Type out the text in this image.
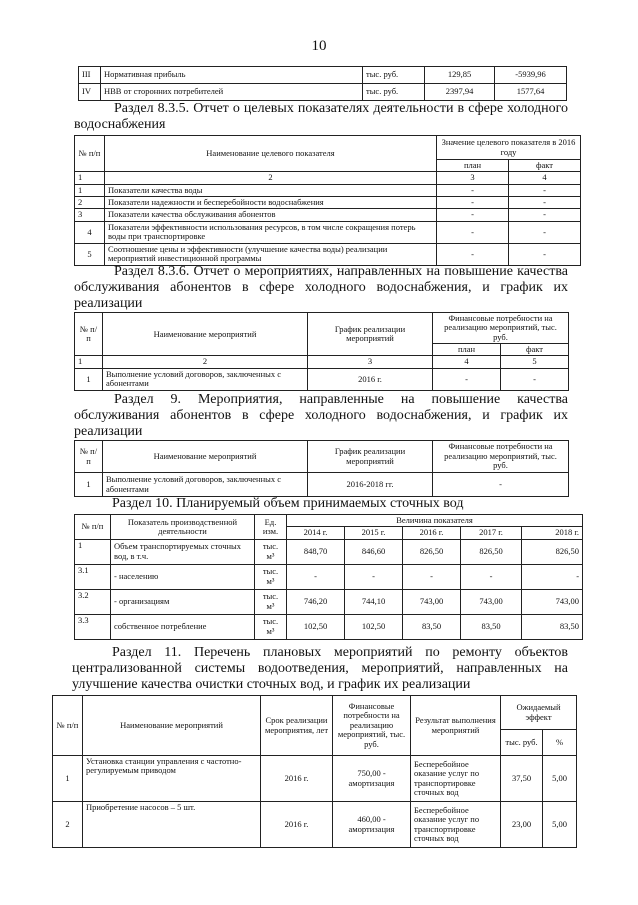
10
III	Нормативная прибыль	тыс. руб.	129,85	-5939,96
IV	НВВ от сторонних потребителей	тыс. руб.	2397,94	1577,64
Раздел 8.3.5. Отчет о целевых показателях деятельности в сфере холодного водоснабжения
№ п/п	Наименование целевого показателя	Значение целевого показателя в 2016 году	
		план	факт
1	2	3	4
1	Показатели качества воды	-	-
2	Показатели надежности и бесперебойности водоснабжения	-	-
3	Показатели качества обслуживания абонентов	-	-
4	Показатели эффективности использования ресурсов, в том числе сокращения потерь воды при транспортировке	-	-
5	Соотношение цены и эффективности (улучшение качества воды) реализации мероприятий инвестиционной программы	-	-
Раздел 8.3.6. Отчет о мероприятиях, направленных на повышение качества обслуживания абонентов в сфере холодного водоснабжения, и график их реализации
№ п/п	Наименование мероприятий	График реализации мероприятий	Финансовые потребности на реализацию мероприятий, тыс. руб.	
			план	факт
1	2	3	4	5
1	Выполнение условий договоров, заключенных с абонентами	2016 г.	-	-
Раздел 9. Мероприятия, направленные на повышение качества обслуживания абонентов в сфере холодного водоснабжения, и график их реализации
№ п/п	Наименование мероприятий	График реализации мероприятий	Финансовые потребности на реализацию мероприятий, тыс. руб.
1	Выполнение условий договоров, заключенных с абонентами	2016-2018 гг.	-
Раздел 10. Планируемый объем принимаемых сточных вод
№ п/п	Показатель производственной деятельности	Ед. изм.	Величина показателя				
			2014 г.	2015 г.	2016 г.	2017 г.	2018 г.
1	Объем транспортируемых сточных вод, в т.ч.	тыс. м³	848,70	846,60	826,50	826,50	826,50
3.1	- населению	тыс. м³	-	-	-	-	-
3.2	- организациям	тыс. м³	746,20	744,10	743,00	743,00	743,00
3.3	собственное потребление	тыс. м³	102,50	102,50	83,50	83,50	83,50
Раздел 11. Перечень плановых мероприятий по ремонту объектов централизованной системы водоотведения, мероприятий, направленных на улучшение качества очистки сточных вод, и график их реализации
№ п/п	Наименование мероприятий	Срок реализации мероприятия, лет	Финансовые потребности на реализацию мероприятий, тыс. руб.	Результат выполнения мероприятий	Ожидаемый эффект	
					тыс. руб.	%
1	Установка станции управления с частотно-регулируемым приводом	2016 г.	750,00 - амортизация	Бесперебойное оказание услуг по транспортировке сточных вод	37,50	5,00
2	Приобретение насосов – 5 шт.	2016 г.	460,00 - амортизация	Бесперебойное оказание услуг по транспортировке сточных вод	23,00	5,00
